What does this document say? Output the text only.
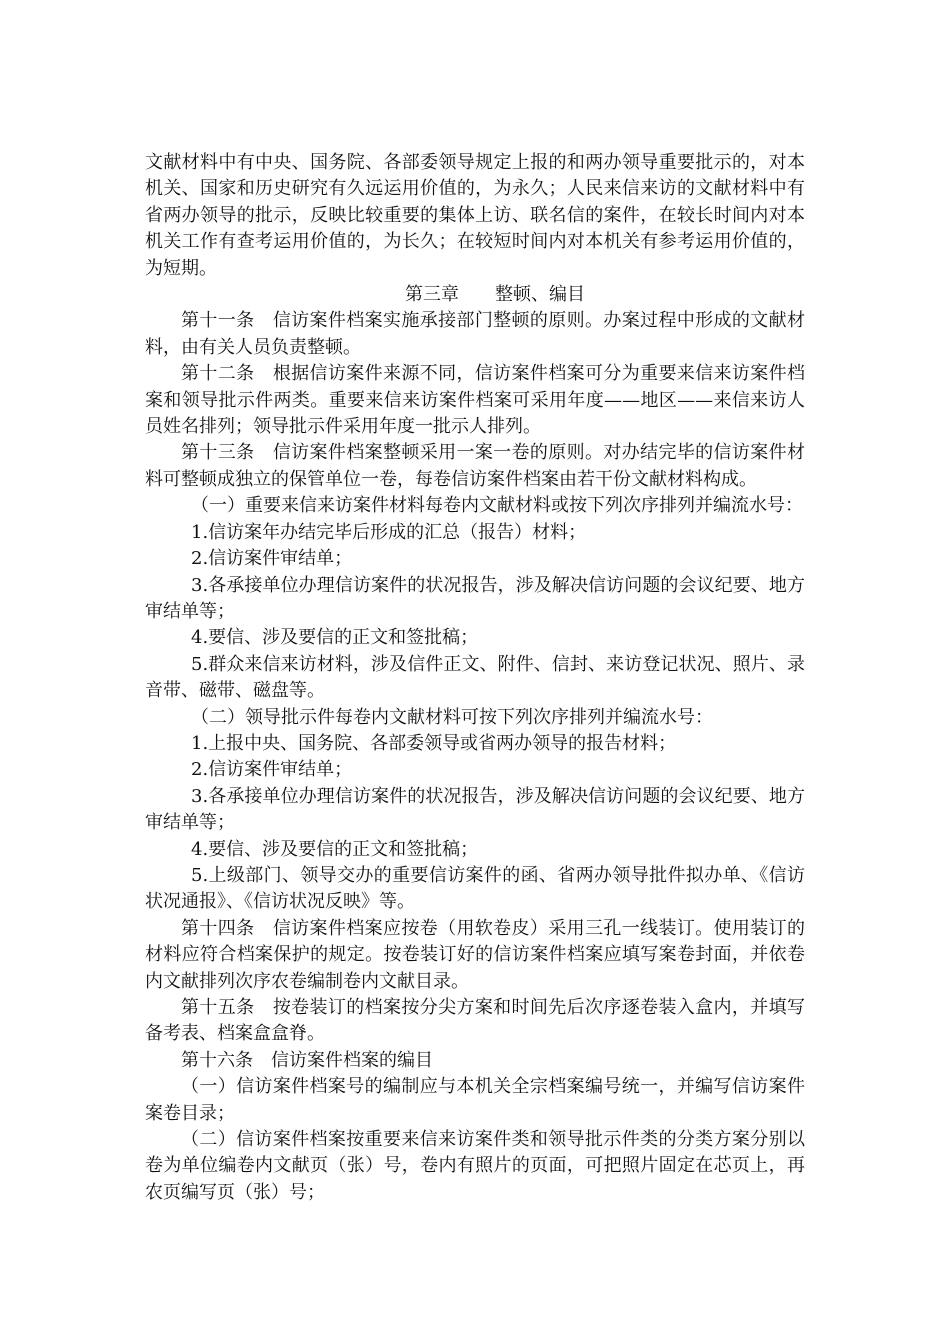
文献材料中有中央、国务院、各部委领导规定上报的和两办领导重要批示的，对本机关、国家和历史研究有久远运用价值的，为永久；人民来信来访的文献材料中有省两办领导的批示，反映比较重要的集体上访、联名信的案件，在较长时间内对本机关工作有查考运用价值的，为长久；在较短时间内对本机关有参考运用价值的，为短期。

第三章 整顿、编目

第十一条　信访案件档案实施承接部门整顿的原则。办案过程中形成的文献材料，由有关人员负责整顿。

第十二条　根据信访案件来源不同，信访案件档案可分为重要来信来访案件档案和领导批示件两类。重要来信来访案件档案可采用年度——地区——来信来访人员姓名排列；领导批示件采用年度一批示人排列。

第十三条　信访案件档案整顿采用一案一卷的原则。对办结完毕的信访案件材料可整顿成独立的保管单位一卷，每卷信访案件档案由若干份文献材料构成。

（一）重要来信来访案件材料每卷内文献材料或按下列次序排列并编流水号：

1.信访案年办结完毕后形成的汇总（报告）材料；

2.信访案件审结单；

3.各承接单位办理信访案件的状况报告，涉及解决信访问题的会议纪要、地方审结单等；

4.要信、涉及要信的正文和签批稿；

5.群众来信来访材料，涉及信件正文、附件、信封、来访登记状况、照片、录音带、磁带、磁盘等。

（二）领导批示件每卷内文献材料可按下列次序排列并编流水号：

1.上报中央、国务院、各部委领导或省两办领导的报告材料；

2.信访案件审结单；

3.各承接单位办理信访案件的状况报告，涉及解决信访问题的会议纪要、地方审结单等；

4.要信、涉及要信的正文和签批稿；

5.上级部门、领导交办的重要信访案件的函、省两办领导批件拟办单、《信访状况通报》、《信访状况反映》等。

第十四条　信访案件档案应按卷（用软卷皮）采用三孔一线装订。使用装订的材料应符合档案保护的规定。按卷装订好的信访案件档案应填写案卷封面，并依卷内文献排列次序农卷编制卷内文献目录。

第十五条　按卷装订的档案按分尖方案和时间先后次序逐卷装入盒内，并填写备考表、档案盒盒脊。

第十六条　信访案件档案的编目

（一）信访案件档案号的编制应与本机关全宗档案编号统一，并编写信访案件案卷目录；

（二）信访案件档案按重要来信来访案件类和领导批示件类的分类方案分别以卷为单位编卷内文献页（张）号，卷内有照片的页面，可把照片固定在芯页上，再农页编写页（张）号；
